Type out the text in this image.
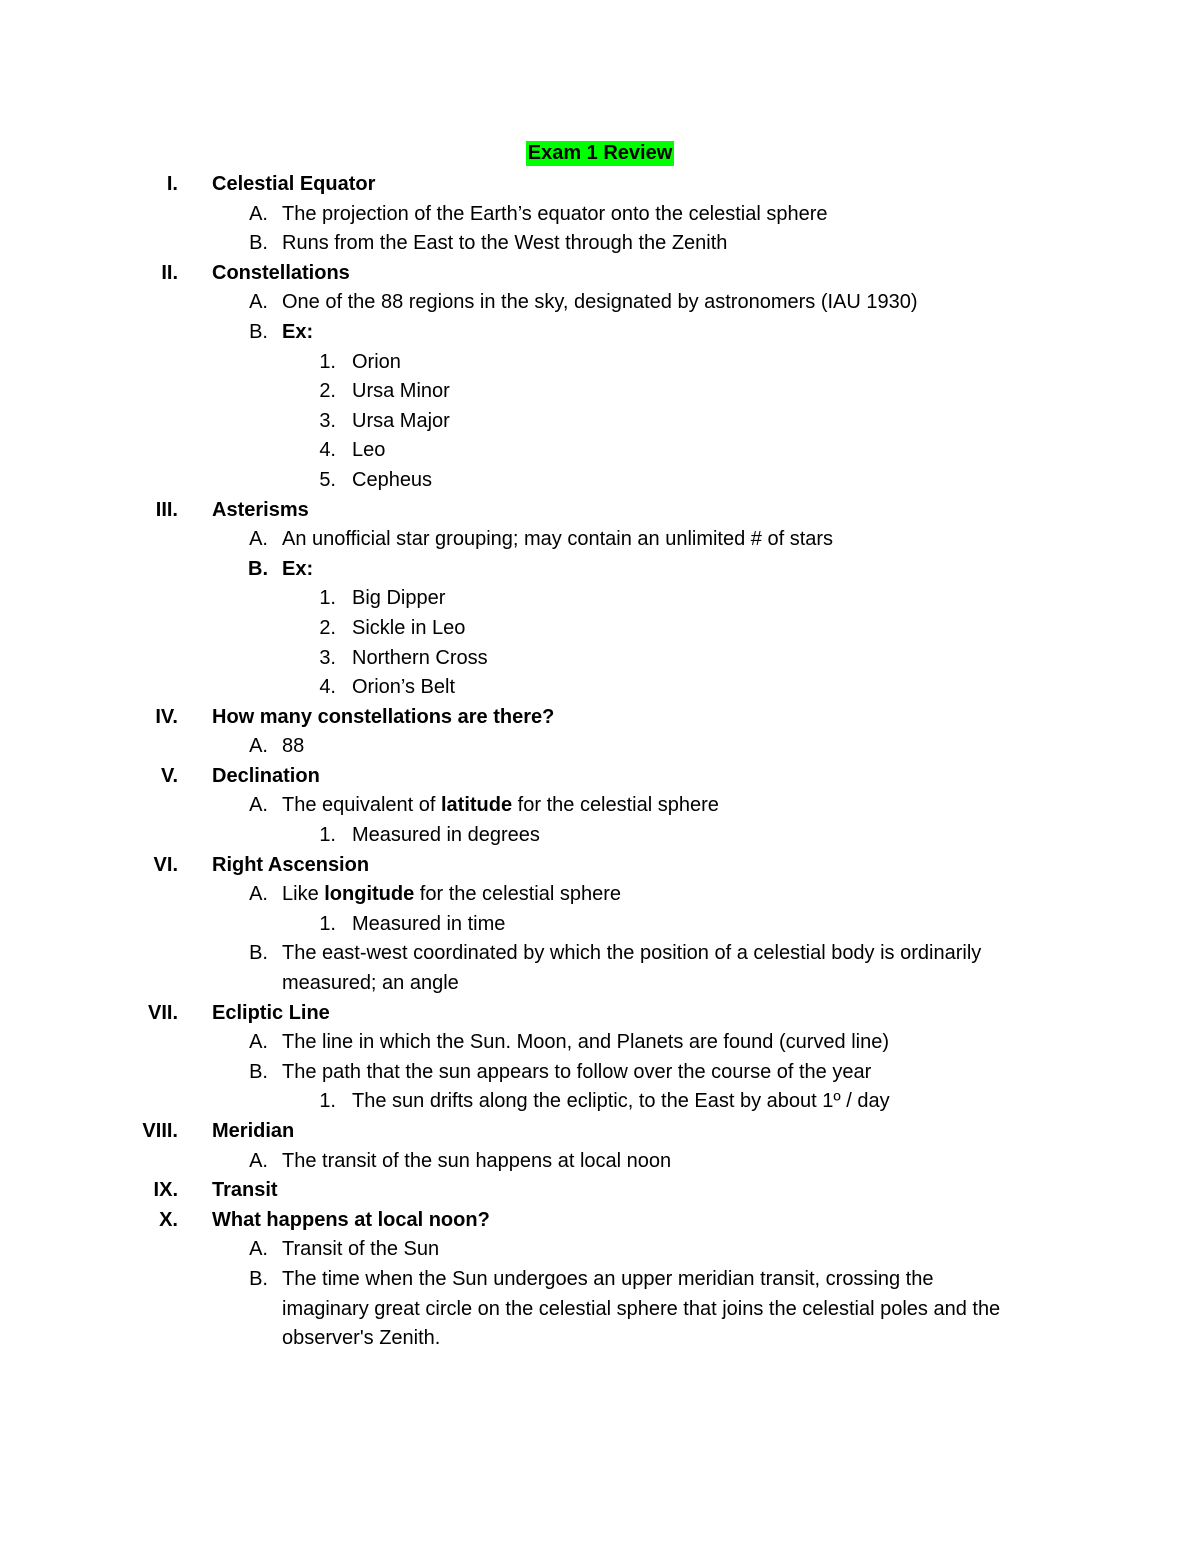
Exam 1 Review
I. Celestial Equator
A. The projection of the Earth’s equator onto the celestial sphere
B. Runs from the East to the West through the Zenith
II. Constellations
A. One of the 88 regions in the sky, designated by astronomers (IAU 1930)
B. Ex:
1. Orion
2. Ursa Minor
3. Ursa Major
4. Leo
5. Cepheus
III. Asterisms
A. An unofficial star grouping; may contain an unlimited # of stars
B. Ex:
1. Big Dipper
2. Sickle in Leo
3. Northern Cross
4. Orion’s Belt
IV. How many constellations are there?
A. 88
V. Declination
A. The equivalent of latitude for the celestial sphere
1. Measured in degrees
VI. Right Ascension
A. Like longitude for the celestial sphere
1. Measured in time
B. The east-west coordinated by which the position of a celestial body is ordinarily
measured; an angle
VII. Ecliptic Line
A. The line in which the Sun. Moon, and Planets are found (curved line)
B. The path that the sun appears to follow over the course of the year
1. The sun drifts along the ecliptic, to the East by about 1º / day
VIII. Meridian
A. The transit of the sun happens at local noon
IX. Transit
X. What happens at local noon?
A. Transit of the Sun
B. The time when the Sun undergoes an upper meridian transit, crossing the
imaginary great circle on the celestial sphere that joins the celestial poles and the
observer's Zenith.
